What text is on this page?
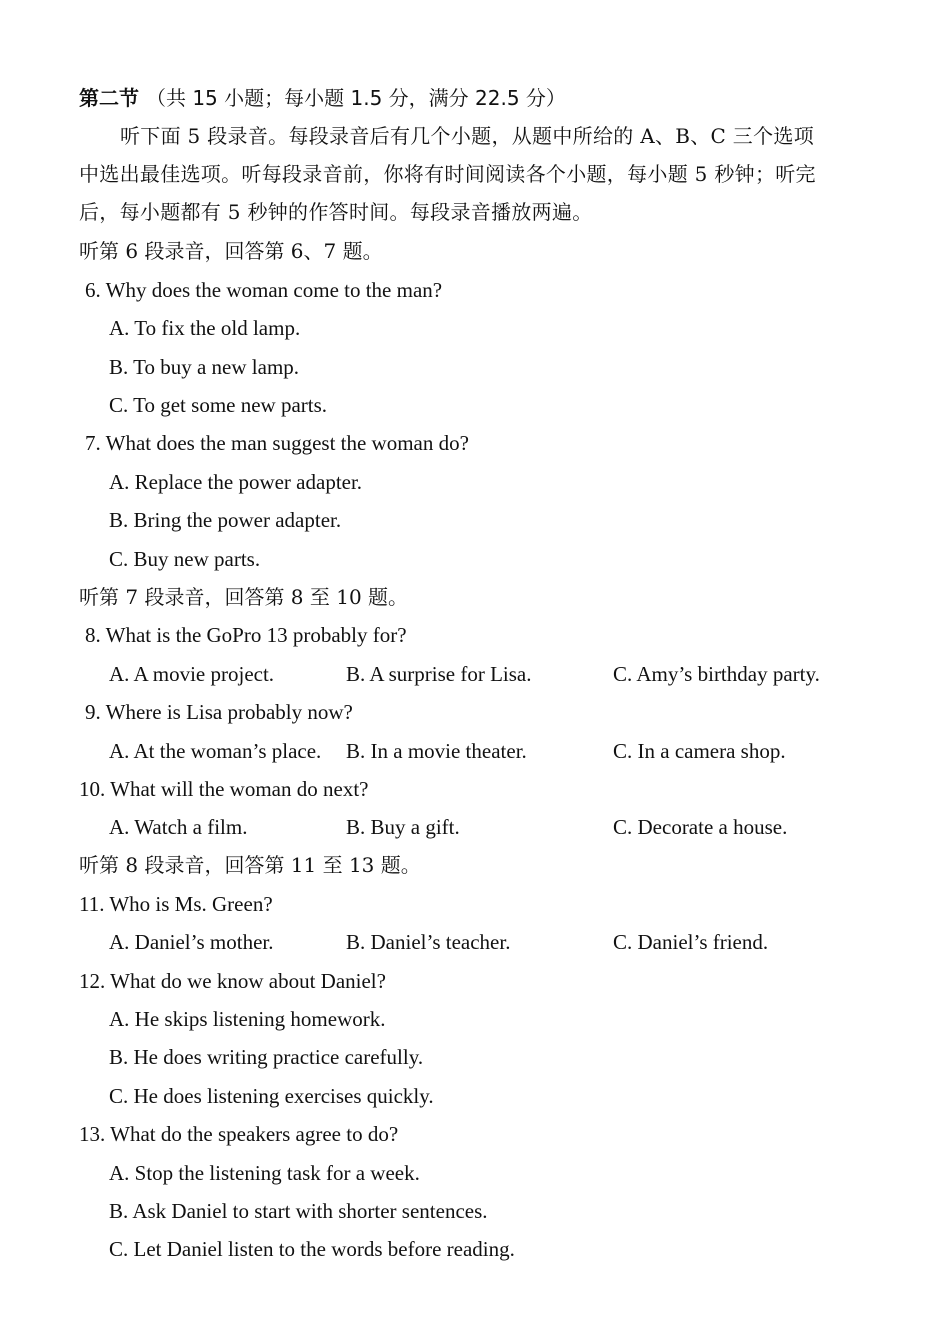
第二节 （共 15 小题；每小题 1.5 分，满分 22.5 分）
听下面 5 段录音。每段录音后有几个小题，从题中所给的 A、B、C 三个选项
中选出最佳选项。听每段录音前，你将有时间阅读各个小题，每小题 5 秒钟；听完
后，每小题都有 5 秒钟的作答时间。每段录音播放两遍。
听第 6 段录音，回答第 6、7 题。
6. Why does the woman come to the man?
A. To fix the old lamp.
B. To buy a new lamp.
C. To get some new parts.
7. What does the man suggest the woman do?
A. Replace the power adapter.
B. Bring the power adapter.
C. Buy new parts.
听第 7 段录音，回答第 8 至 10 题。
8. What is the GoPro 13 probably for?
A. A movie project.	B. A surprise for Lisa.	C. Amy’s birthday party.
9. Where is Lisa probably now?
A. At the woman’s place. B. In a movie theater.	C. In a camera shop.
10. What will the woman do next?
A. Watch a film.	B. Buy a gift.	C. Decorate a house.
听第 8 段录音，回答第 11 至 13 题。
11. Who is Ms. Green?
A. Daniel’s mother.	B. Daniel’s teacher.	C. Daniel’s friend.
12. What do we know about Daniel?
A. He skips listening homework.
B. He does writing practice carefully.
C. He does listening exercises quickly.
13. What do the speakers agree to do?
A. Stop the listening task for a week.
B. Ask Daniel to start with shorter sentences.
C. Let Daniel listen to the words before reading.
